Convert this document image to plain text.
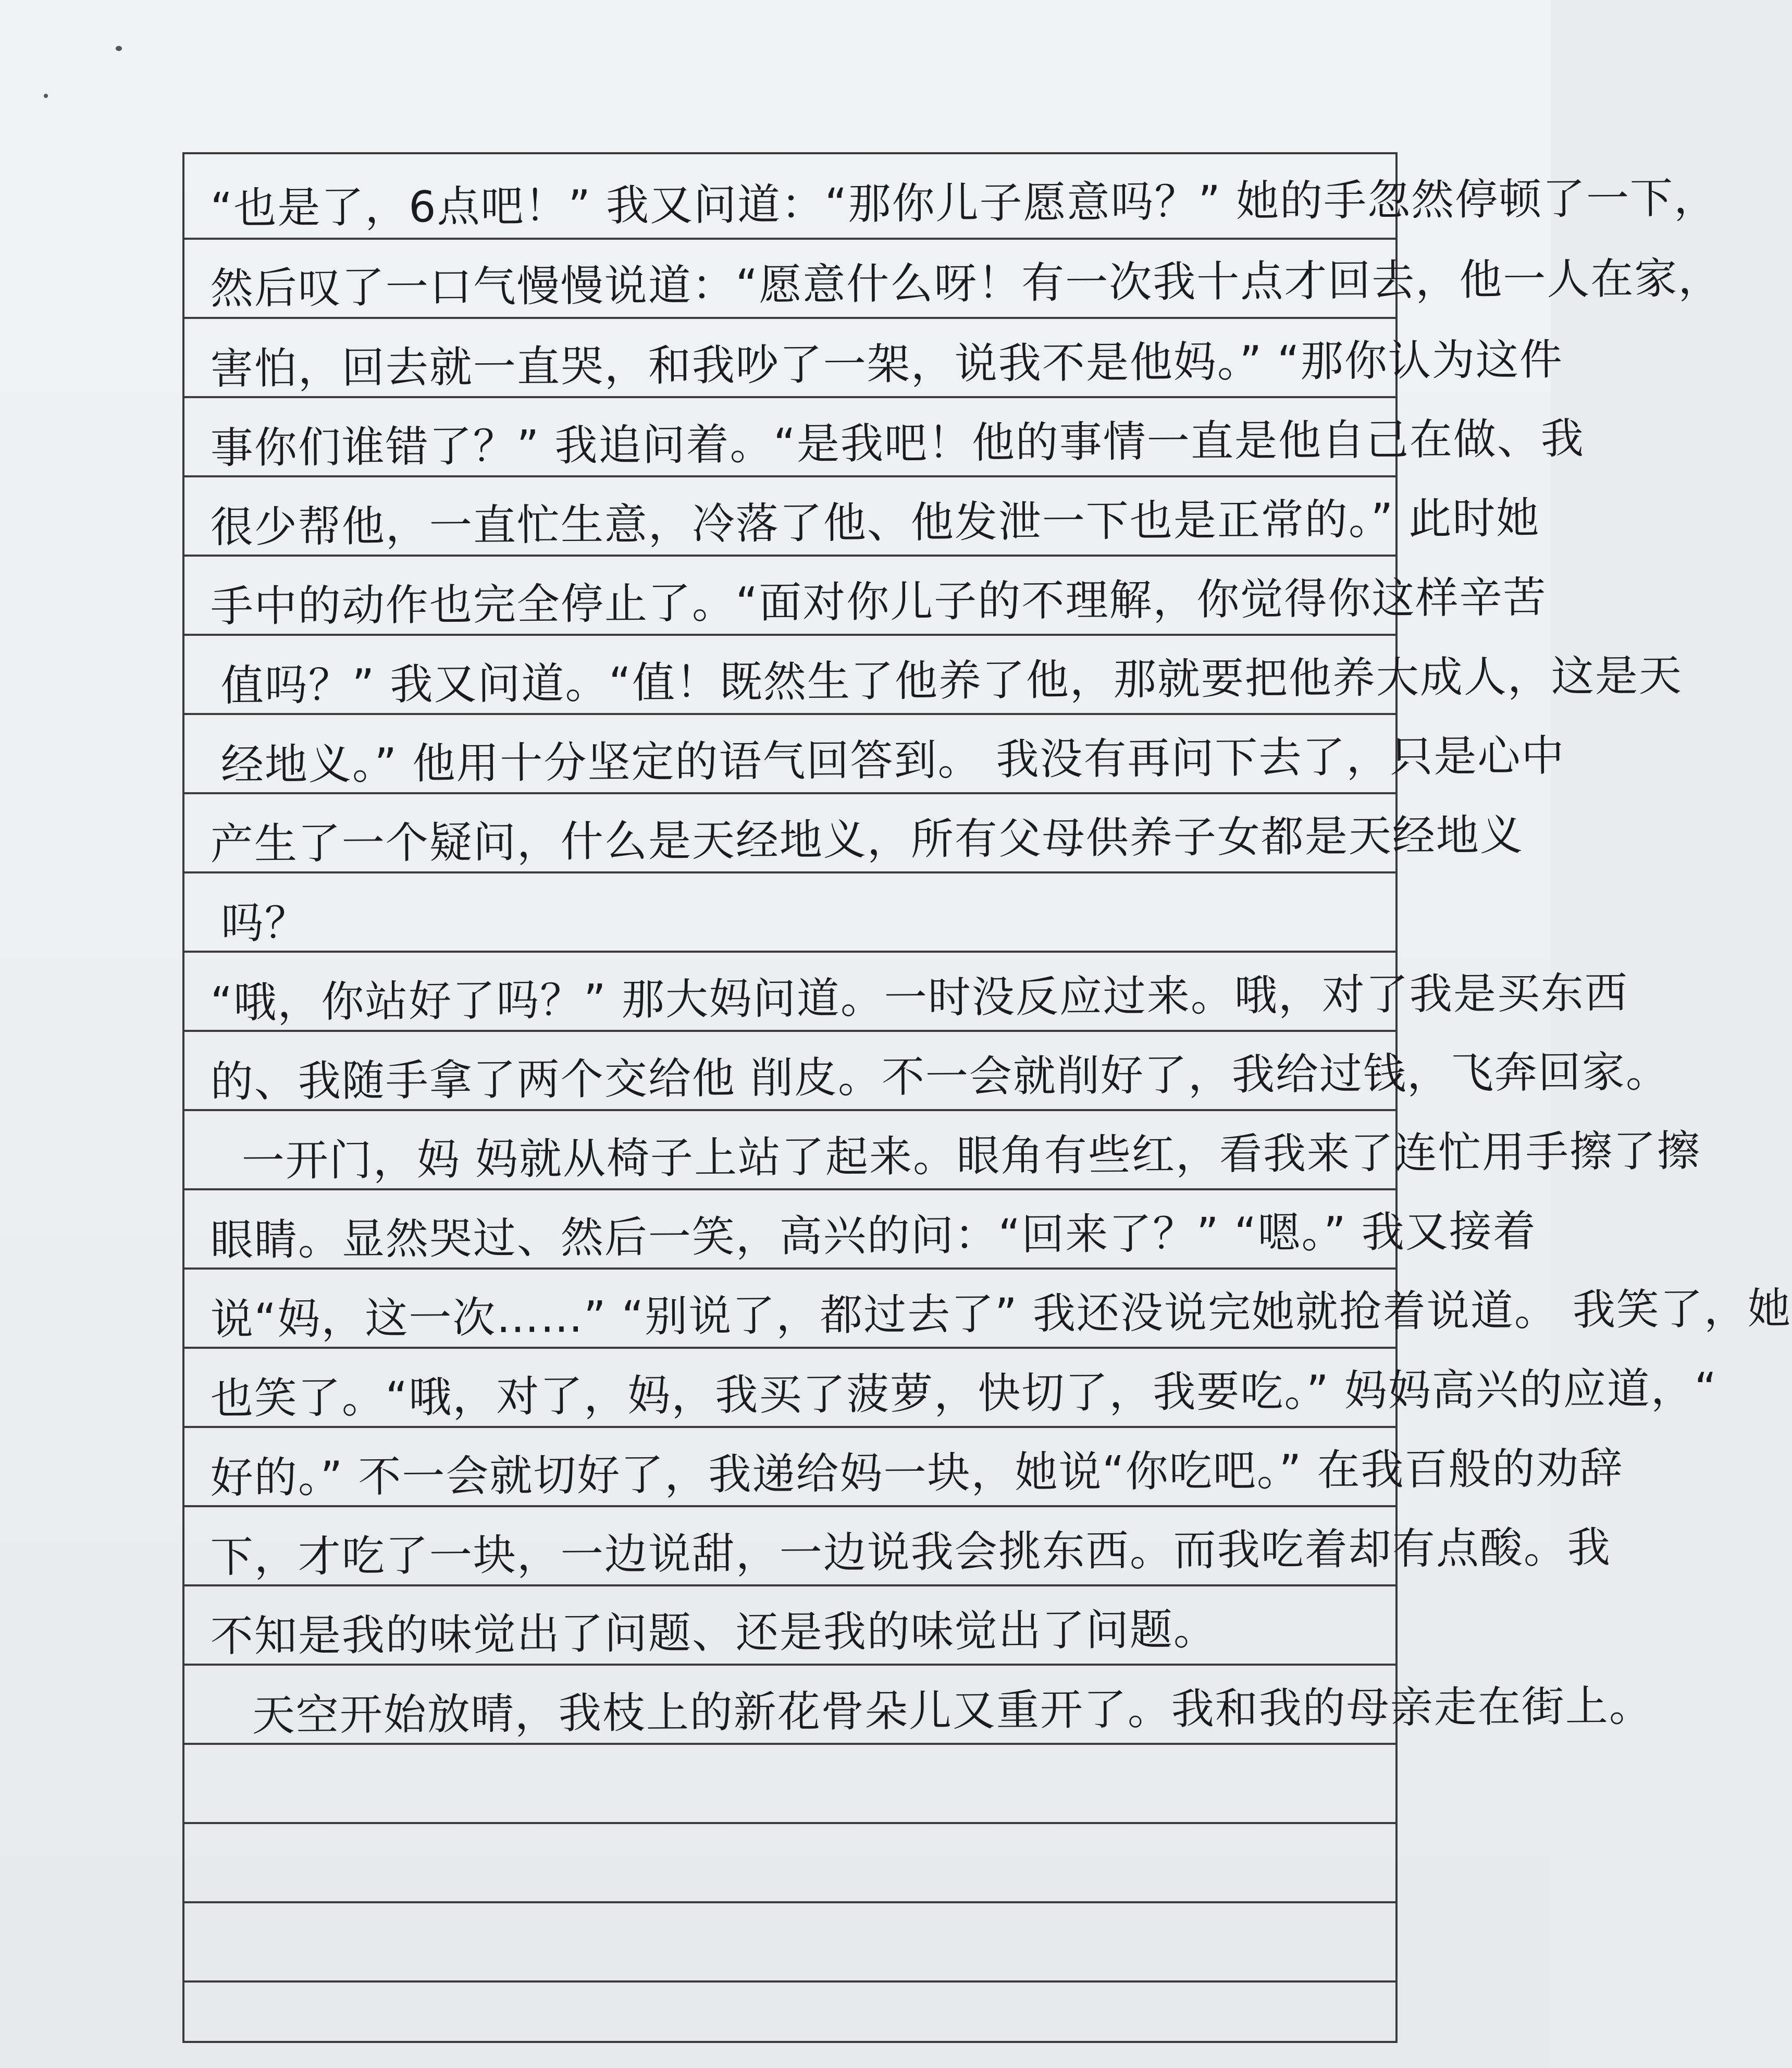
“也是了，6点吧！” 我又问道：“那你儿子愿意吗？” 她的手忽然停顿了一下，
然后叹了一口气慢慢说道：“愿意什么呀！有一次我十点才回去，他一人在家，
害怕，回去就一直哭，和我吵了一架，说我不是他妈。” “那你认为这件
事你们谁错了？” 我追问着。“是我吧！他的事情一直是他自己在做、我
很少帮他，一直忙生意，冷落了他、他发泄一下也是正常的。” 此时她
手中的动作也完全停止了。“面对你儿子的不理解，你觉得你这样辛苦
值吗？” 我又问道。“值！既然生了他养了他，那就要把他养大成人，这是天
经地义。” 他用十分坚定的语气回答到。 我没有再问下去了，只是心中
产生了一个疑问，什么是天经地义，所有父母供养子女都是天经地义
吗？
“哦，你站好了吗？” 那大妈问道。一时没反应过来。哦，对了我是买东西
的、我随手拿了两个交给他 削皮。不一会就削好了，我给过钱，飞奔回家。
一开门，妈 妈就从椅子上站了起来。眼角有些红，看我来了连忙用手擦了擦
眼睛。显然哭过、然后一笑，高兴的问：“回来了？” “嗯。” 我又接着
说“妈，这一次……” “别说了，都过去了” 我还没说完她就抢着说道。 我笑了，她
也笑了。“哦，对了，妈，我买了菠萝，快切了，我要吃。” 妈妈高兴的应道，“
好的。” 不一会就切好了，我递给妈一块，她说“你吃吧。” 在我百般的劝辞
下，才吃了一块，一边说甜，一边说我会挑东西。而我吃着却有点酸。我
不知是我的味觉出了问题、还是我的味觉出了问题。
天空开始放晴，我枝上的新花骨朵儿又重开了。我和我的母亲走在街上。
